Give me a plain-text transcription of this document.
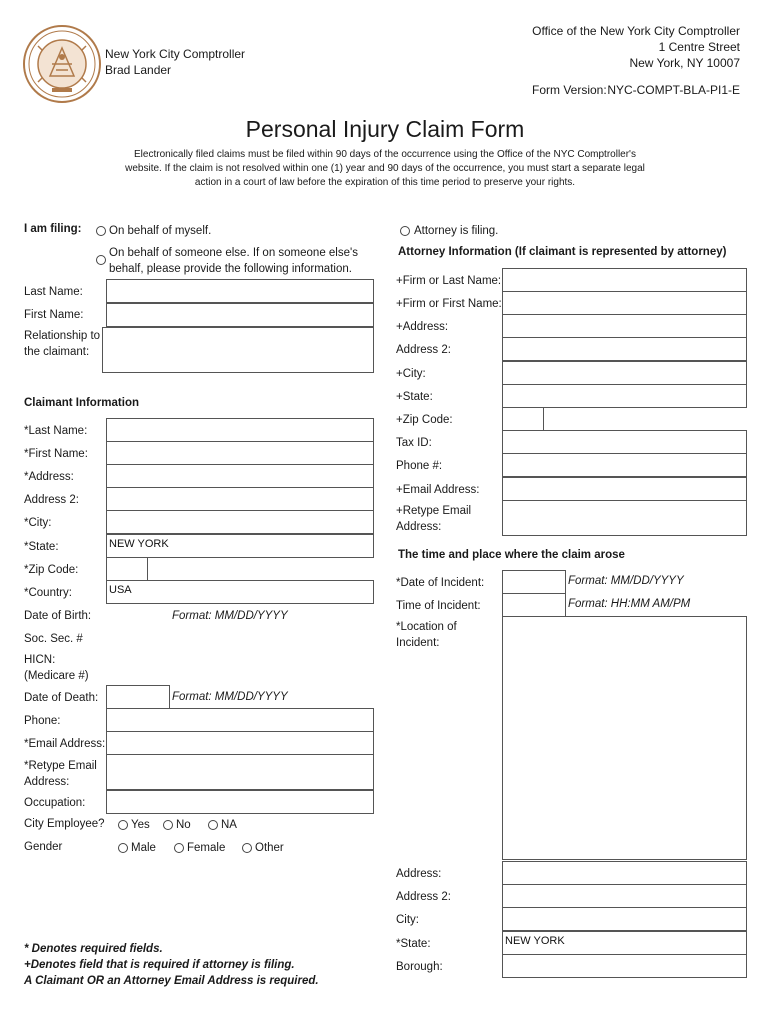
New York City Comptroller
Brad Lander
Office of the New York City Comptroller
1 Centre Street
New York, NY 10007
Form Version: NYC-COMPT-BLA-PI1-E
Personal Injury Claim Form
Electronically filed claims must be filed within 90 days of the occurrence using the Office of the NYC Comptroller's
website. If the claim is not resolved within one (1) year and 90 days of the occurrence, you must start a separate legal
action in a court of law before the expiration of this time period to preserve your rights.
I am filing: On behalf of myself.
On behalf of someone else. If on someone else's
behalf, please provide the following information.
Attorney is filing.
Last Name:
First Name:
Relationship to
the claimant:
Claimant Information
*Last Name:
*First Name:
*Address:
Address 2:
*City:
*State:	NEW YORK
*Zip Code:
*Country:	USA
Date of Birth:	Format: MM/DD/YYYY
Soc. Sec. #
HICN:
(Medicare #)
Date of Death:	Format: MM/DD/YYYY
Phone:
*Email Address:
*Retype Email
Address:
Occupation:
City Employee? Yes No	NA
Gender	Male	Female	Other
Attorney Information (If claimant is represented by attorney)
+Firm or Last Name:
+Firm or First Name:
+Address:
Address 2:
+City:
+State:
+Zip Code:
Tax ID:
Phone #:
+Email Address:
+Retype Email
Address:
The time and place where the claim arose
*Date of Incident:	Format: MM/DD/YYYY
Time of Incident:	Format: HH:MM AM/PM
*Location of
Incident:
Address:
Address 2:
City:
*State:	NEW YORK
Borough:
* Denotes required fields.
+Denotes field that is required if attorney is filing.
A Claimant OR an Attorney Email Address is required.
